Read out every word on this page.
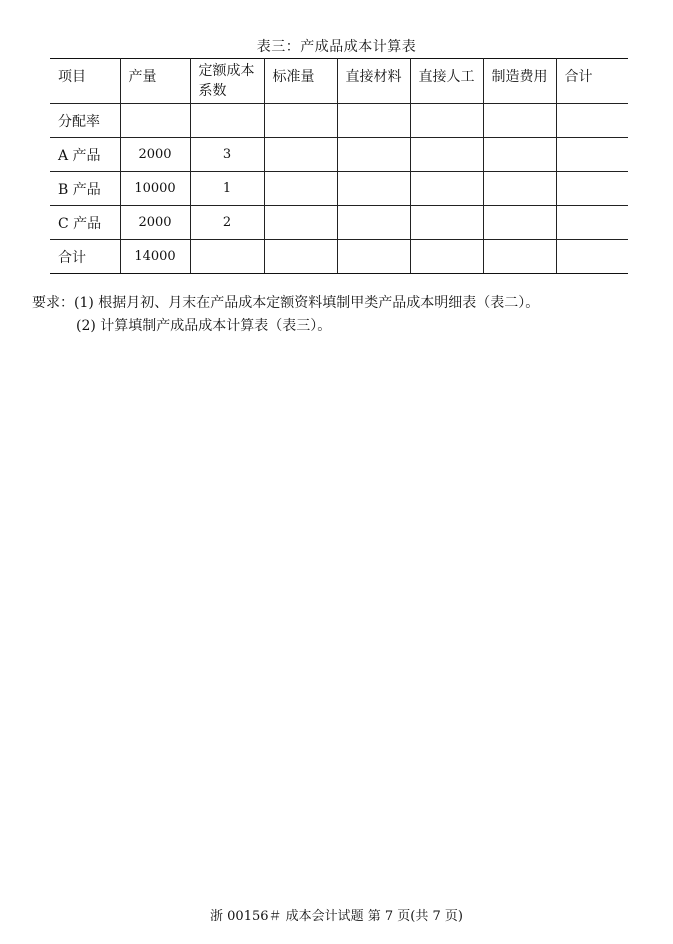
表三：产成品成本计算表
项目	产量	定额成本系数	标准量	直接材料	直接人工	制造费用	合计
分配率							
A 产品	2000	3					
B 产品	10000	1					
C 产品	2000	2					
合计	14000						
要求：(1) 根据月初、月末在产品成本定额资料填制甲类产品成本明细表（表二）。
(2) 计算填制产成品成本计算表（表三）。
浙 00156＃ 成本会计试题 第 7 页(共 7 页)
